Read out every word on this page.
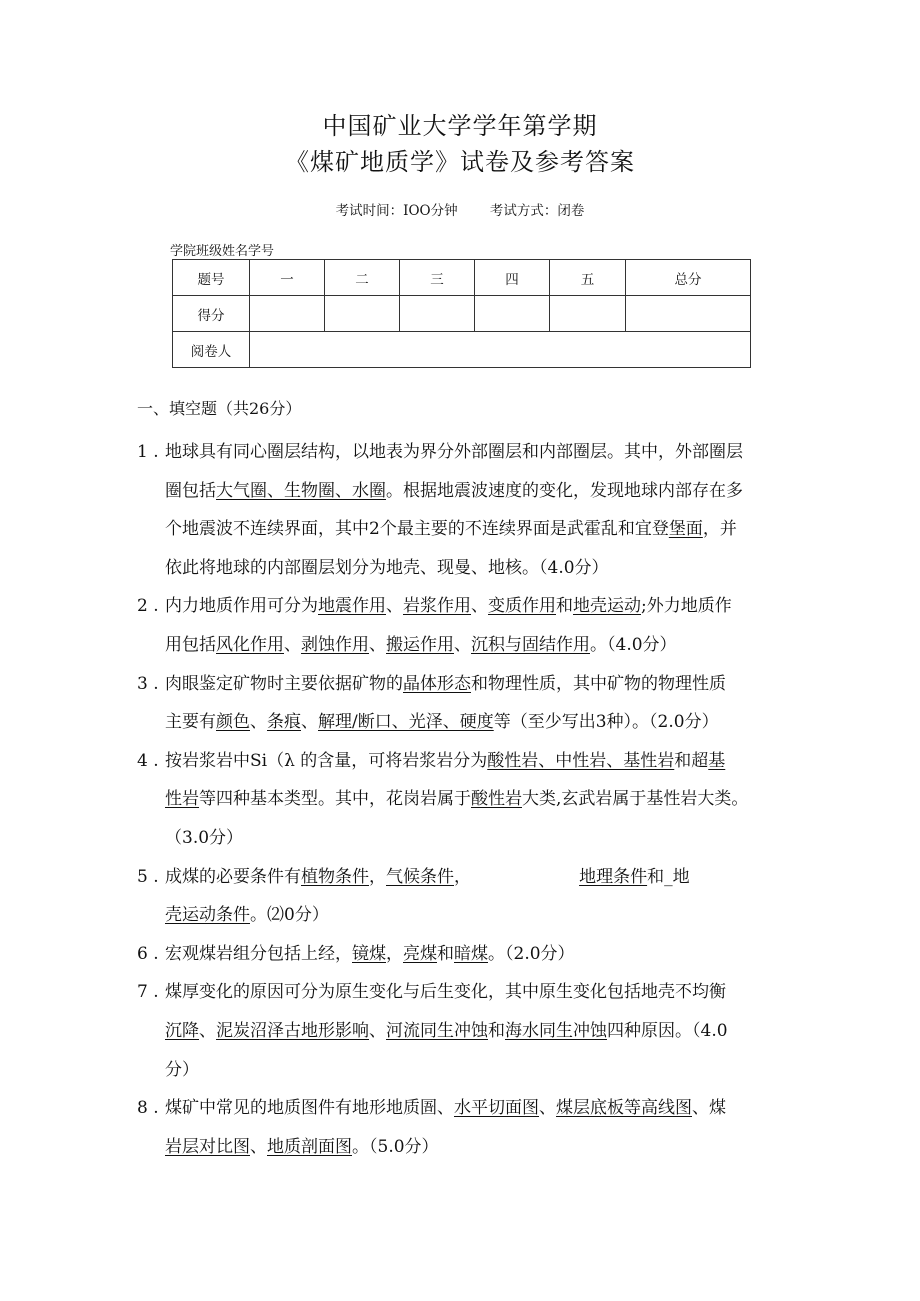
中国矿业大学学年第学期
《煤矿地质学》试卷及参考答案
考试时间：IOO分钟 考试方式：闭卷
学院班级姓名学号
题号	一	二	三	四	五	总分
得分						
阅卷人						
一、填空题（共26分）
1 . 地球具有同心圈层结构，以地表为界分外部圈层和内部圈层。其中，外部圈层
圈包括大气圈、生物圈、水圈。根据地震波速度的变化，发现地球内部存在多
个地震波不连续界面，其中2个最主要的不连续界面是武霍乱和宜登堡面，并
依此将地球的内部圈层划分为地壳、现曼、地核。（4.0分）
2 . 内力地质作用可分为地震作用、岩浆作用、变质作用和地壳运动;外力地质作
用包括风化作用、剥蚀作用、搬运作用、沉积与固结作用。（4.0分）
3 . 肉眼鉴定矿物时主要依据矿物的晶体形态和物理性质，其中矿物的物理性质
主要有颜色、条痕、解理/断口、光泽、硬度等（至少写出3种）。（2.0分）
4 . 按岩浆岩中Si（λ 的含量，可将岩浆岩分为酸性岩、中性岩、基性岩和超基
性岩等四种基本类型。其中，花岗岩属于酸性岩大类,玄武岩属于基性岩大类。
（3.0分）
5 . 成煤的必要条件有植物条件，气候条件，                    地理条件和_地
壳运动条件。⑵0分）
6 . 宏观煤岩组分包括上经，镜煤，亮煤和暗煤。（2.0分）
7 . 煤厚变化的原因可分为原生变化与后生变化，其中原生变化包括地壳不均衡
沉降、泥炭沼泽古地形影响、河流同生冲蚀和海水同生冲蚀四种原因。（4.0
分）
8 . 煤矿中常见的地质图件有地形地质圄、水平切面图、煤层底板等高线图、煤
岩层对比图、地质剖面图。（5.0分）
